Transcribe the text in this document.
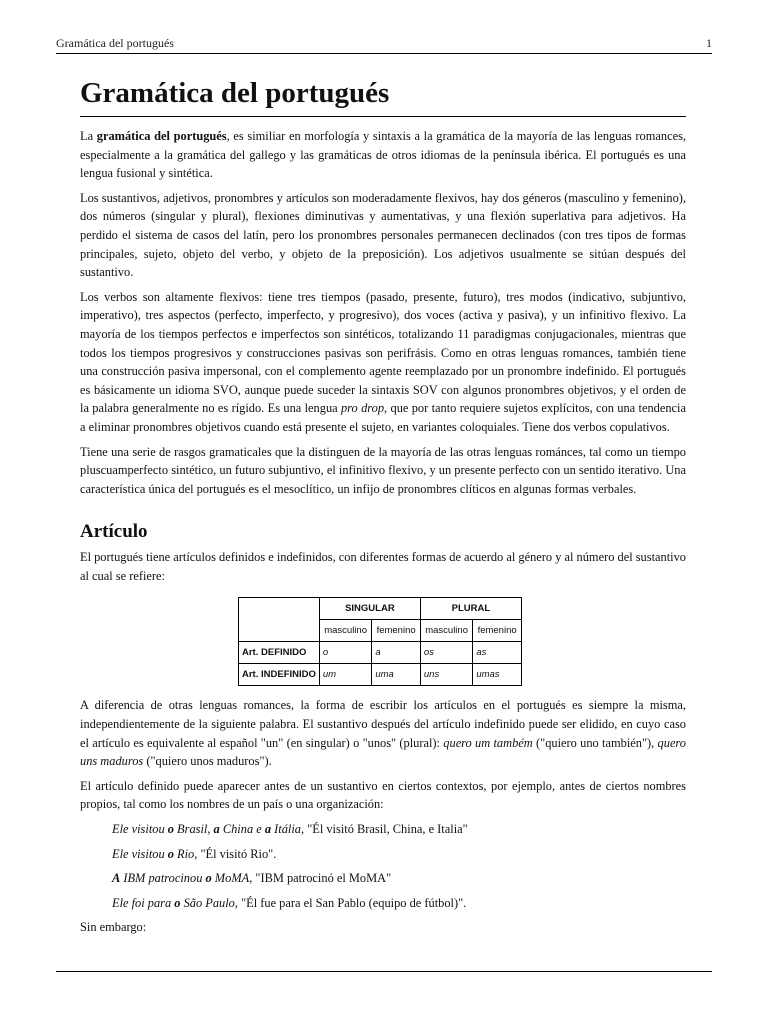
Gramática del portugués	1
Gramática del portugués

La gramática del portugués, es similiar en morfología y sintaxis a la gramática de la mayoría de las lenguas romances, especialmente a la gramática del gallego y las gramáticas de otros idiomas de la península ibérica. El portugués es una lengua fusional y sintética.

Los sustantivos, adjetivos, pronombres y artículos son moderadamente flexivos, hay dos géneros (masculino y femenino), dos números (singular y plural), flexiones diminutivas y aumentativas, y una flexión superlativa para adjetivos. Ha perdido el sistema de casos del latín, pero los pronombres personales permanecen declinados (con tres tipos de formas principales, sujeto, objeto del verbo, y objeto de la preposición). Los adjetivos usualmente se sitúan después del sustantivo.

Los verbos son altamente flexivos: tiene tres tiempos (pasado, presente, futuro), tres modos (indicativo, subjuntivo, imperativo), tres aspectos (perfecto, imperfecto, y progresivo), dos voces (activa y pasiva), y un infinitivo flexivo. La mayoría de los tiempos perfectos e imperfectos son sintéticos, totalizando 11 paradigmas conjugacionales, mientras que todos los tiempos progresivos y construcciones pasivas son perifrásis. Como en otras lenguas romances, también tiene una construcción pasiva impersonal, con el complemento agente reemplazado por un pronombre indefinido. El portugués es básicamente un idioma SVO, aunque puede suceder la sintaxis SOV con algunos pronombres objetivos, y el orden de la palabra generalmente no es rígido. Es una lengua pro drop, que por tanto requiere sujetos explícitos, con una tendencia a eliminar pronombres objetivos cuando está presente el sujeto, en variantes coloquiales. Tiene dos verbos copulativos.

Tiene una serie de rasgos gramaticales que la distinguen de la mayoría de las otras lenguas románces, tal como un tiempo pluscuamperfecto sintético, un futuro subjuntivo, el infinitivo flexivo, y un presente perfecto con un sentido iterativo. Una característica única del portugués es el mesoclítico, un infijo de pronombres clíticos en algunas formas verbales.

Artículo

El portugués tiene artículos definidos e indefinidos, con diferentes formas de acuerdo al género y al número del sustantivo al cual se refiere:

	SINGULAR		PLURAL	
	masculino	femenino	masculino	femenino
Art. DEFINIDO	o	a	os	as
Art. INDEFINIDO	um	uma	uns	umas

A diferencia de otras lenguas romances, la forma de escribir los artículos en el portugués es siempre la misma, independientemente de la siguiente palabra. El sustantivo después del artículo indefinido puede ser elidido, en cuyo caso el artículo es equivalente al español "un" (en singular) o "unos" (plural): quero um também ("quiero uno también"), quero uns maduros ("quiero unos maduros").

El artículo definido puede aparecer antes de un sustantivo en ciertos contextos, por ejemplo, antes de ciertos nombres propios, tal como los nombres de un país o una organización:

Ele visitou o Brasil, a China e a Itália, "Él visitó Brasil, China, e Italia"
Ele visitou o Rio, "Él visitó Rio".
A IBM patrocinou o MoMA, "IBM patrocinó el MoMA"
Ele foi para o São Paulo, "Él fue para el San Pablo (equipo de fútbol)".

Sin embargo:
